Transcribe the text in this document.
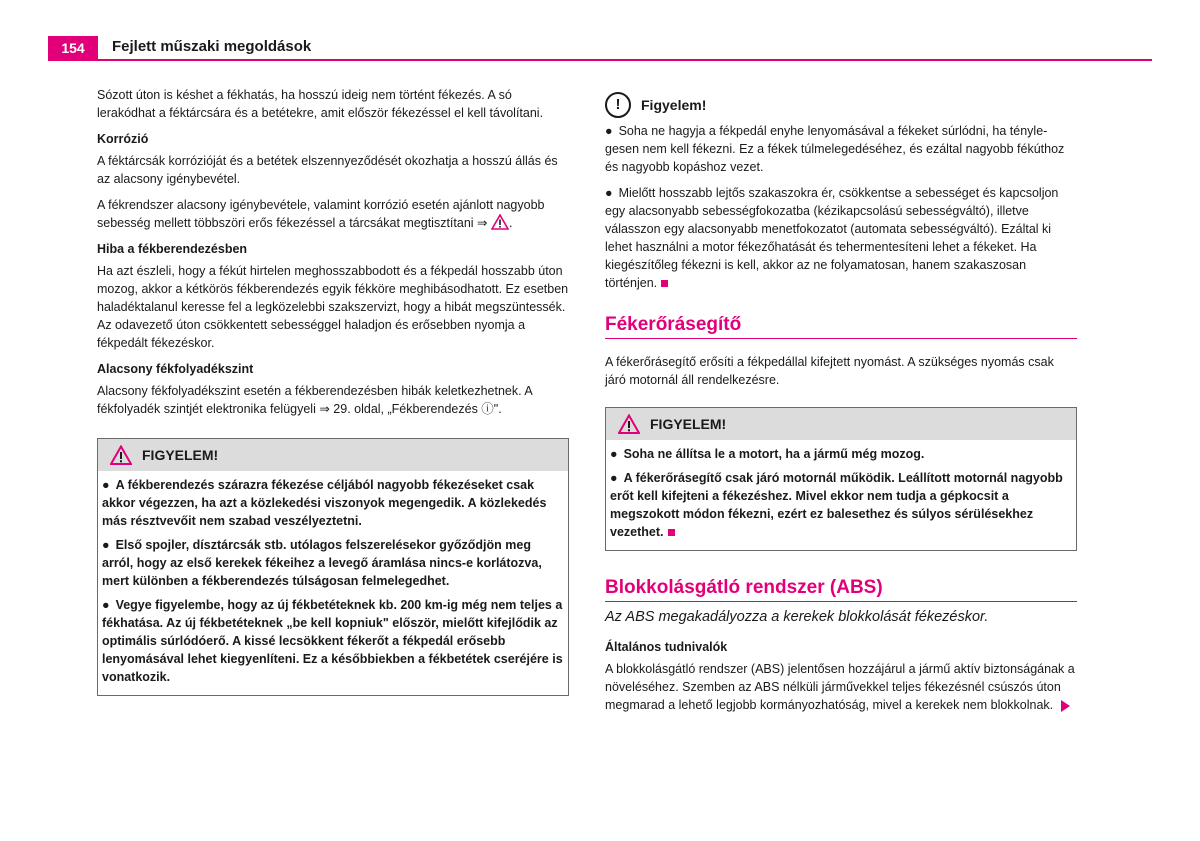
154	Fejlett műszaki megoldások

Sózott úton is késhet a fékhatás, ha hosszú ideig nem történt fékezés. A só lerakódhat a féktárcsára és a betétekre, amit először fékezéssel el kell távolítani.

Korrózió

A féktárcsák korrózióját és a betétek elszennyeződését okozhatja a hosszú állás és az alacsony igénybevétel.

A fékrendszer alacsony igénybevétele, valamint korrózió esetén ajánlott nagyobb sebesség mellett többszöri erős fékezéssel a tárcsákat megtisztítani ⇒ .

Hiba a fékberendezésben

Ha azt észleli, hogy a fékút hirtelen meghosszabbodott és a fékpedál hosszabb úton mozog, akkor a kétkörös fékberendezés egyik fékköre meghibásodhatott. Ez esetben haladéktalanul keresse fel a legközelebbi szakszervizt, hogy a hibát megszüntessék. Az odavezető úton csökkentett sebességgel haladjon és erősebben nyomja a fékpedált fékezéskor.

Alacsony fékfolyadékszint

Alacsony fékfolyadékszint esetén a fékberendezésben hibák keletkezhetnek. A fékfolyadék szintjét elektronika felügyeli ⇒ 29. oldal, „Fékberendezés ⓘ".

FIGYELEM!

● A fékberendezés szárazra fékezése céljából nagyobb fékezéseket csak akkor végezzen, ha azt a közlekedési viszonyok megengedik. A közlekedés más résztvevőit nem szabad veszélyeztetni.

● Első spojler, dísztárcsák stb. utólagos felszerelésekor győződjön meg arról, hogy az első kerekek fékeihez a levegő áramlása nincs-e korlátozva, mert különben a fékberendezés túlságosan felmelegedhet.

● Vegye figyelembe, hogy az új fékbetéteknek kb. 200 km-ig még nem teljes a fékhatása. Az új fékbetéteknek „be kell kopniuk" először, mielőtt kifejlődik az optimális súrlódóerő. A kissé lecsökkent fékerőt a fékpedál erősebb lenyomásával lehet kiegyenlíteni. Ez a későbbiekben a fékbetétek cseréjére is vonatkozik.

!	Figyelem!

● Soha ne hagyja a fékpedál enyhe lenyomásával a fékeket súrlódni, ha ténylegesen nem kell fékezni. Ez a fékek túlmelegedéséhez, és ezáltal nagyobb fékúthoz és nagyobb kopáshoz vezet.

● Mielőtt hosszabb lejtős szakaszokra ér, csökkentse a sebességet és kapcsoljon egy alacsonyabb sebességfokozatba (kézikapcsolású sebességváltó), illetve válasszon egy alacsonyabb menetfokozatot (automata sebességváltó). Ezáltal ki lehet használni a motor fékezőhatását és tehermentesíteni lehet a fékeket. Ha kiegészítőleg fékezni is kell, akkor az ne folyamatosan, hanem szakaszosan történjen.

Fékerőrásegítő

A fékerőrásegítő erősíti a fékpedállal kifejtett nyomást. A szükséges nyomás csak járó motornál áll rendelkezésre.

FIGYELEM!

● Soha ne állítsa le a motort, ha a jármű még mozog.

● A fékerőrásegítő csak járó motornál működik. Leállított motornál nagyobb erőt kell kifejteni a fékezéshez. Mivel ekkor nem tudja a gépkocsit a megszokott módon fékezni, ezért ez balesethez és súlyos sérülésekhez vezethet.

Blokkolásgátló rendszer (ABS)
Az ABS megakadályozza a kerekek blokkolását fékezéskor.
Általános tudnivalók

A blokkolásgátló rendszer (ABS) jelentősen hozzájárul a jármű aktív biztonságának a növeléséhez. Szemben az ABS nélküli járművekkel teljes fékezésnél csúszós úton megmarad a lehető legjobb kormányozhatóság, mivel a kerekek nem blokkolnak.
